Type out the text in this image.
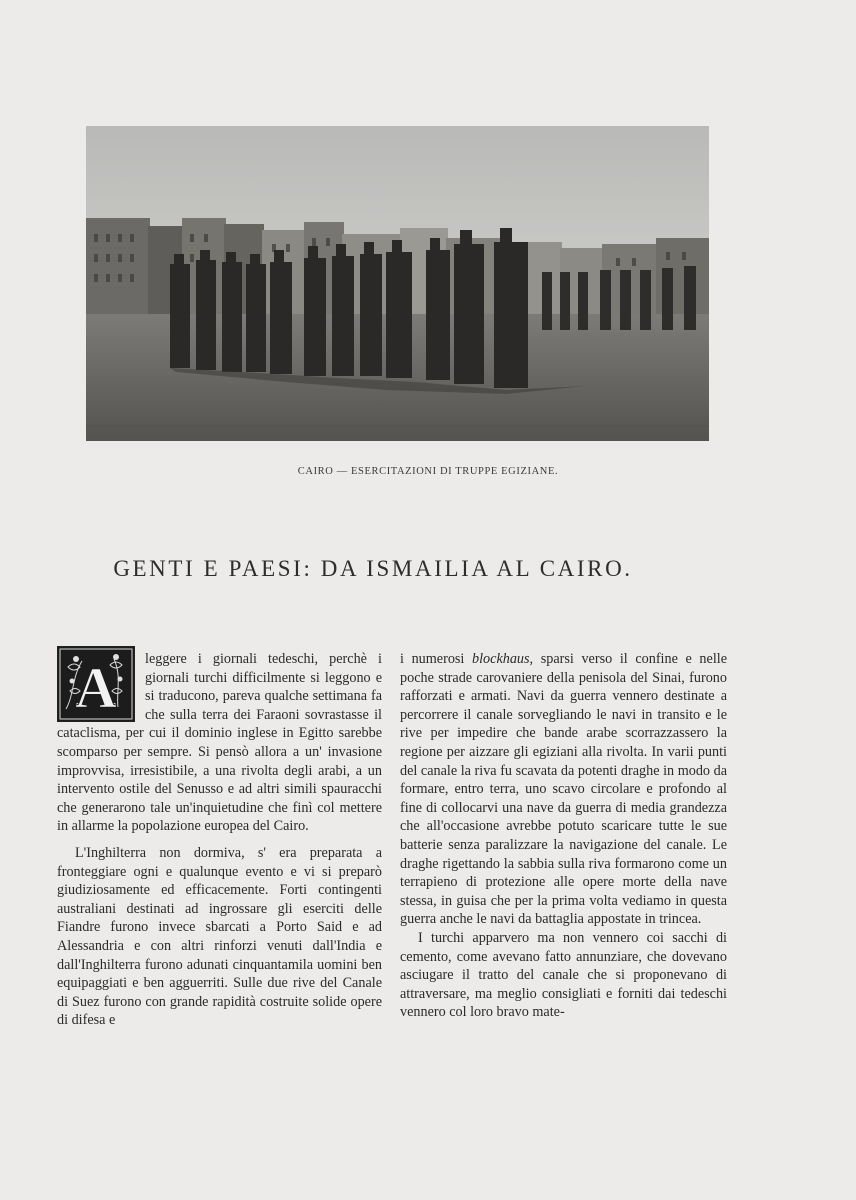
CAIRO — ESERCITAZIONI DI TRUPPE EGIZIANE.
GENTI E PAESI: DA ISMAILIA AL CAIRO.
A	leggere i giornali tedeschi, perchè i giornali turchi difficilmente si leggono e si traducono, pareva qualche settimana fa che sulla terra dei Faraoni sovrastasse il cataclisma, per cui il dominio inglese in Egitto sarebbe scomparso per sempre. Si pensò allora a un' invasione improvvisa, irresistibile, a una rivolta degli arabi, a un intervento ostile del Senusso e ad altri simili spauracchi che generarono tale un'inquietudine che finì col mettere in allarme la popolazione europea del Cairo.

L'Inghilterra non dormiva, s' era preparata a fronteggiare ogni e qualunque evento e vi si preparò giudiziosamente ed efficacemente. Forti contingenti australiani destinati ad ingrossare gli eserciti delle Fiandre furono invece sbarcati a Porto Said e ad Alessandria e con altri rinforzi venuti dall'India e dall'Inghilterra furono adunati cinquantamila uomini ben equipaggiati e ben agguerriti. Sulle due rive del Canale di Suez furono con grande rapidità costruite solide opere di difesa e

i numerosi blockhaus, sparsi verso il confine e nelle poche strade carovaniere della penisola del Sinai, furono rafforzati e armati. Navi da guerra vennero destinate a percorrere il canale sorvegliando le navi in transito e le rive per impedire che bande arabe scorrazzassero la regione per aizzare gli egiziani alla rivolta. In varii punti del canale la riva fu scavata da potenti draghe in modo da formare, entro terra, uno scavo circolare e profondo al fine di collocarvi una nave da guerra di media grandezza che all'occasione avrebbe potuto scaricare tutte le sue batterie senza paralizzare la navigazione del canale. Le draghe rigettando la sabbia sulla riva formarono come un terrapieno di protezione alle opere morte della nave stessa, in guisa che per la prima volta vediamo in questa guerra anche le navi da battaglia appostate in trincea.

I turchi apparvero ma non vennero coi sacchi di cemento, come avevano fatto annunziare, che dovevano asciugare il tratto del canale che si proponevano di attraversare, ma meglio consigliati e forniti dai tedeschi vennero col loro bravo mate-
